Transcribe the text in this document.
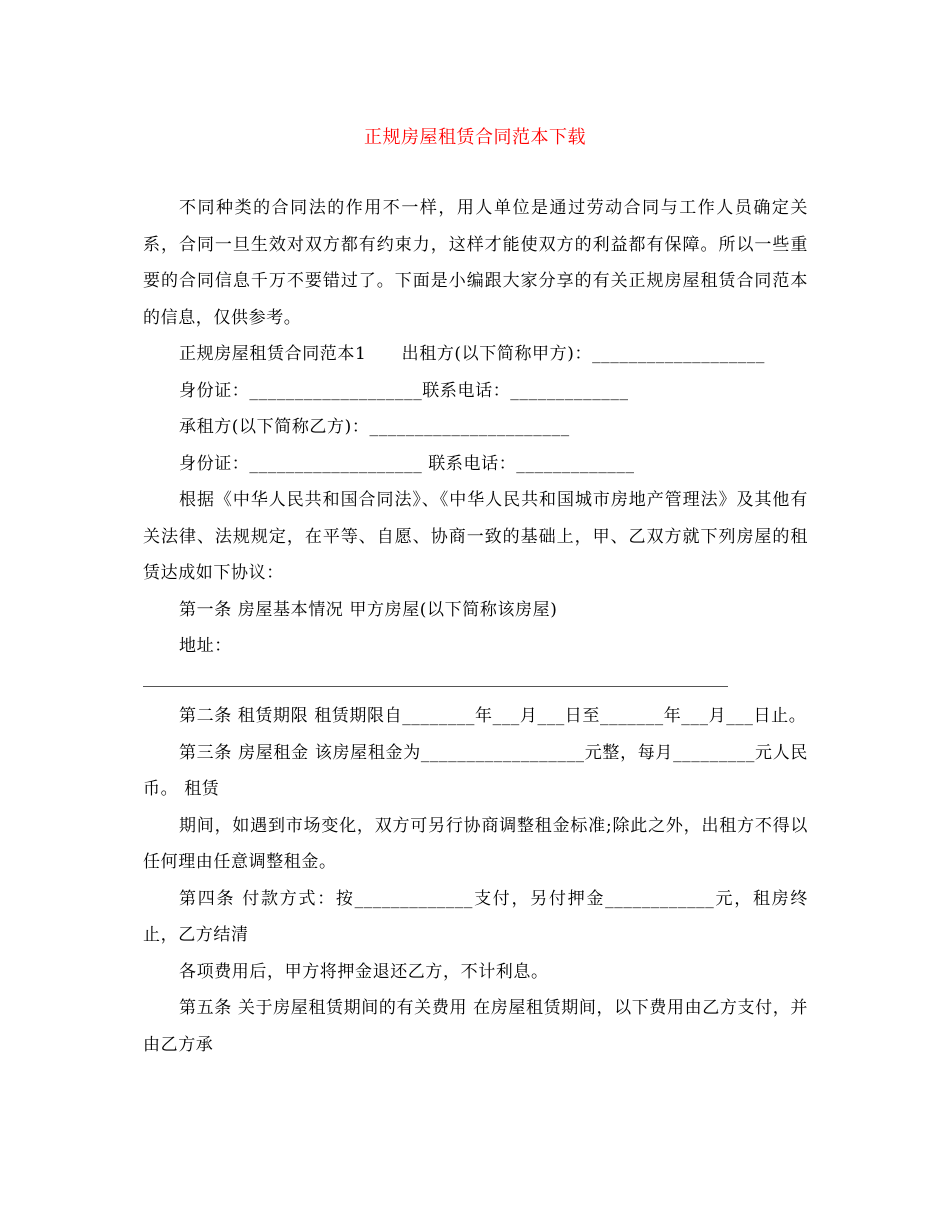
正规房屋租赁合同范本下载

不同种类的合同法的作用不一样，用人单位是通过劳动合同与工作人员确定关系，合同一旦生效对双方都有约束力，这样才能使双方的利益都有保障。所以一些重要的合同信息千万不要错过了。下面是小编跟大家分享的有关正规房屋租赁合同范本的信息，仅供参考。

正规房屋租赁合同范本1　　出租方(以下简称甲方)：___________________

身份证：___________________联系电话：_____________

承租方(以下简称乙方)：______________________

身份证：___________________ 联系电话：_____________

根据《中华人民共和国合同法》、《中华人民共和国城市房地产管理法》及其他有关法律、法规规定，在平等、自愿、协商一致的基础上，甲、乙双方就下列房屋的租赁达成如下协议：

第一条 房屋基本情况 甲方房屋(以下简称该房屋)

地址：

第二条 租赁期限 租赁期限自________年___月___日至_______年___月___日止。

第三条 房屋租金 该房屋租金为__________________元整，每月_________元人民币。 租赁

期间，如遇到市场变化，双方可另行协商调整租金标准;除此之外，出租方不得以任何理由任意调整租金。

第四条 付款方式：按_____________支付，另付押金____________元，租房终止，乙方结清

各项费用后，甲方将押金退还乙方，不计利息。

第五条 关于房屋租赁期间的有关费用 在房屋租赁期间，以下费用由乙方支付，并由乙方承
